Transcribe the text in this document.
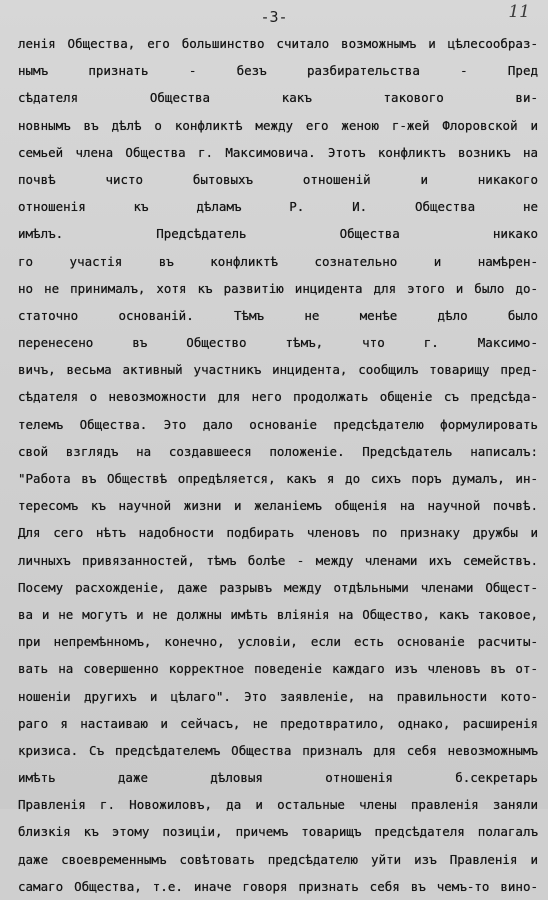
-3-	11
ленія Общества, его большинство считало возможнымъ и цѣлесообраз-
нымъ признать - безъ разбирательства - Пред
сѣдателя Общества какъ такового ви-
новнымъ въ дѣлѣ о конфликтѣ между его женою г-жей Флоровской и
семьей члена Общества г. Максимовича. Этотъ конфликтъ возникъ на
почвѣ чисто бытовыхъ отношеній и никакого
отношенія къ дѣламъ Р. И. Общества не
имѣлъ. Предсѣдатель Общества никако
го участія въ конфликтѣ сознательно и намѣрен-
но не принималъ, хотя къ развитію инцидента для этого и было до-
статочно основаній. Тѣмъ не менѣе дѣло было
перенесено въ Общество тѣмъ, что г. Максимо-
вичъ, весьма активный участникъ инцидента, сообщилъ товарищу пред-
сѣдателя о невозможности для него продолжать общеніе съ предсѣда-
телемъ Общества. Это дало основаніе предсѣдателю формулировать
свой взглядъ на создавшееся положеніе. Предсѣдатель написалъ:
"Работа въ Обществѣ опредѣляется, какъ я до сихъ поръ думалъ, ин-
тересомъ къ научной жизни и желаніемъ общенія на научной почвѣ.
Для сего нѣтъ надобности подбирать членовъ по признаку дружбы и
личныхъ привязанностей, тѣмъ болѣе - между членами ихъ семействъ.
Посему расхожденіе, даже разрывъ между отдѣльными членами Общест-
ва и не могутъ и не должны имѣть вліянія на Общество, какъ таковое,
при непремѣнномъ, конечно, условіи, если есть основаніе расчиты-
вать на совершенно корректное поведеніе каждаго изъ членовъ въ от-
ношеніи другихъ и цѣлаго". Это заявленіе, на правильности кото-
раго я настаиваю и сейчасъ, не предотвратило, однако, расширенія
кризиса. Съ предсѣдателемъ Общества призналъ для себя невозможнымъ
имѣть даже дѣловыя отношенія б.секретарь
Правленія г. Новожиловъ, да и остальные члены правленія заняли
близкія къ этому позиціи, причемъ товарищъ предсѣдателя полагалъ
даже своевременнымъ совѣтовать предсѣдателю уйти изъ Правленія и
самаго Общества, т.е. иначе говоря признать себя въ чемъ-то вино-
